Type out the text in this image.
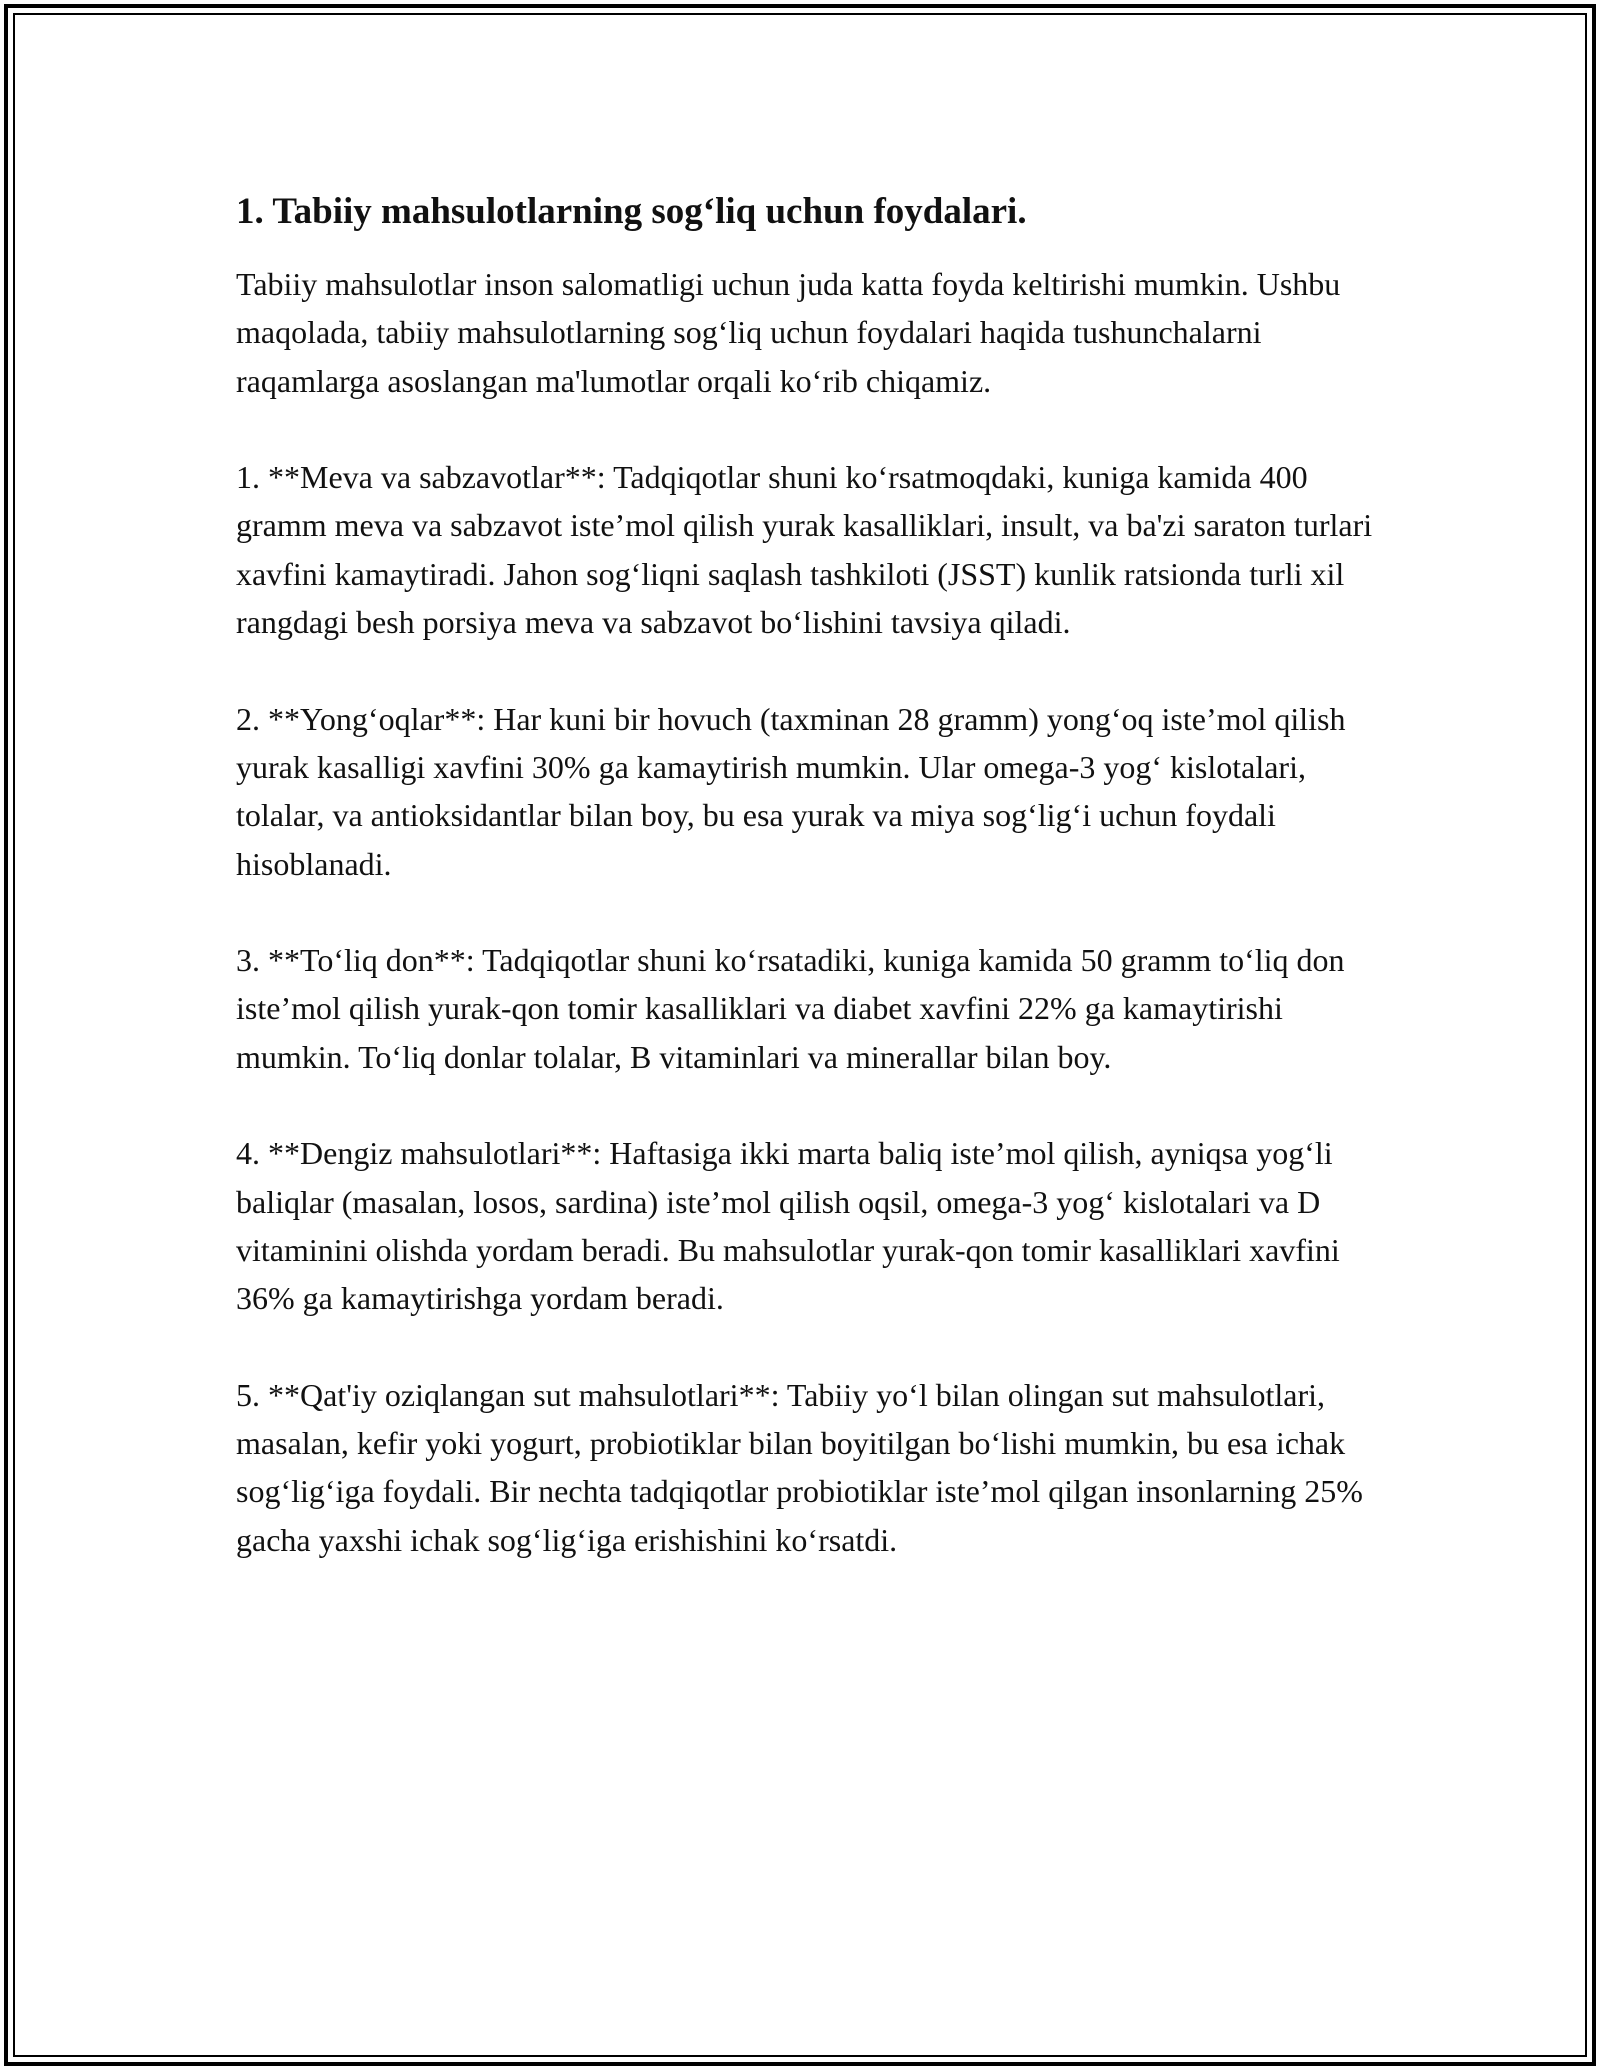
1. Tabiiy mahsulotlarning sog‘liq uchun foydalari.

Tabiiy mahsulotlar inson salomatligi uchun juda katta foyda keltirishi mumkin. Ushbu maqolada, tabiiy mahsulotlarning sog‘liq uchun foydalari haqida tushunchalarni raqamlarga asoslangan ma'lumotlar orqali ko‘rib chiqamiz.

1. **Meva va sabzavotlar**: Tadqiqotlar shuni ko‘rsatmoqdaki, kuniga kamida 400 gramm meva va sabzavot iste’mol qilish yurak kasalliklari, insult, va ba'zi saraton turlari xavfini kamaytiradi. Jahon sog‘liqni saqlash tashkiloti (JSST) kunlik ratsionda turli xil rangdagi besh porsiya meva va sabzavot bo‘lishini tavsiya qiladi.

2. **Yong‘oqlar**: Har kuni bir hovuch (taxminan 28 gramm) yong‘oq iste’mol qilish yurak kasalligi xavfini 30% ga kamaytirish mumkin. Ular omega-3 yog‘ kislotalari, tolalar, va antioksidantlar bilan boy, bu esa yurak va miya sog‘lig‘i uchun foydali hisoblanadi.

3. **To‘liq don**: Tadqiqotlar shuni ko‘rsatadiki, kuniga kamida 50 gramm to‘liq don iste’mol qilish yurak-qon tomir kasalliklari va diabet xavfini 22% ga kamaytirishi mumkin. To‘liq donlar tolalar, B vitaminlari va minerallar bilan boy.

4. **Dengiz mahsulotlari**: Haftasiga ikki marta baliq iste’mol qilish, ayniqsa yog‘li baliqlar (masalan, losos, sardina) iste’mol qilish oqsil, omega-3 yog‘ kislotalari va D vitaminini olishda yordam beradi. Bu mahsulotlar yurak-qon tomir kasalliklari xavfini 36% ga kamaytirishga yordam beradi.

5. **Qat'iy oziqlangan sut mahsulotlari**: Tabiiy yo‘l bilan olingan sut mahsulotlari, masalan, kefir yoki yogurt, probiotiklar bilan boyitilgan bo‘lishi mumkin, bu esa ichak sog‘lig‘iga foydali. Bir nechta tadqiqotlar probiotiklar iste’mol qilgan insonlarning 25% gacha yaxshi ichak sog‘lig‘iga erishishini ko‘rsatdi.
